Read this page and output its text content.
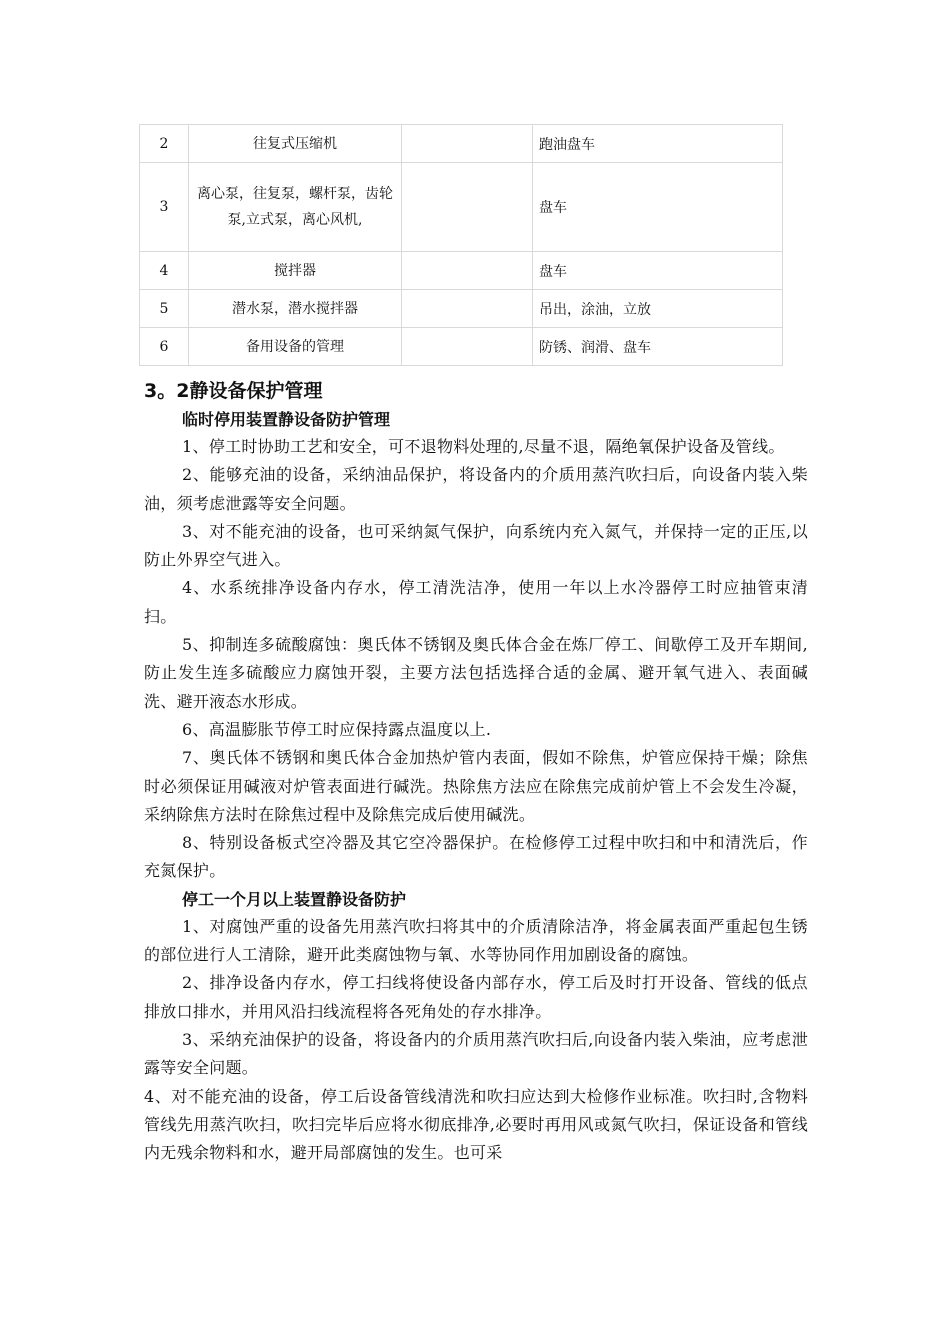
2	往复式压缩机		跑油盘车
3	离心泵，往复泵，螺杆泵，齿轮泵,立式泵，离心风机,		盘车
4	搅拌器		盘车
5	潜水泵，潜水搅拌器		吊出，涂油，立放
6	备用设备的管理		防锈、润滑、盘车

3。2静设备保护管理

临时停用装置静设备防护管理

1、停工时协助工艺和安全，可不退物料处理的,尽量不退，隔绝氧保护设备及管线。

2、能够充油的设备，采纳油品保护，将设备内的介质用蒸汽吹扫后，向设备内装入柴油，须考虑泄露等安全问题。

3、对不能充油的设备，也可采纳氮气保护，向系统内充入氮气，并保持一定的正压,以防止外界空气进入。

4、水系统排净设备内存水，停工清洗洁净，使用一年以上水冷器停工时应抽管束清扫。

5、抑制连多硫酸腐蚀：奥氏体不锈钢及奥氏体合金在炼厂停工、间歇停工及开车期间,防止发生连多硫酸应力腐蚀开裂，主要方法包括选择合适的金属、避开氧气进入、表面碱洗、避开液态水形成。

6、高温膨胀节停工时应保持露点温度以上.

7、奥氏体不锈钢和奥氏体合金加热炉管内表面，假如不除焦，炉管应保持干燥；除焦时必须保证用碱液对炉管表面进行碱洗。热除焦方法应在除焦完成前炉管上不会发生冷凝，采纳除焦方法时在除焦过程中及除焦完成后使用碱洗。

8、特别设备板式空冷器及其它空冷器保护。在检修停工过程中吹扫和中和清洗后，作充氮保护。

停工一个月以上装置静设备防护

1、对腐蚀严重的设备先用蒸汽吹扫将其中的介质清除洁净，将金属表面严重起包生锈的部位进行人工清除，避开此类腐蚀物与氧、水等协同作用加剧设备的腐蚀。

2、排净设备内存水，停工扫线将使设备内部存水，停工后及时打开设备、管线的低点排放口排水，并用风沿扫线流程将各死角处的存水排净。

3、采纳充油保护的设备，将设备内的介质用蒸汽吹扫后,向设备内装入柴油，应考虑泄露等安全问题。

4、对不能充油的设备，停工后设备管线清洗和吹扫应达到大检修作业标准。吹扫时,含物料管线先用蒸汽吹扫，吹扫完毕后应将水彻底排净,必要时再用风或氮气吹扫，保证设备和管线内无残余物料和水，避开局部腐蚀的发生。也可采
